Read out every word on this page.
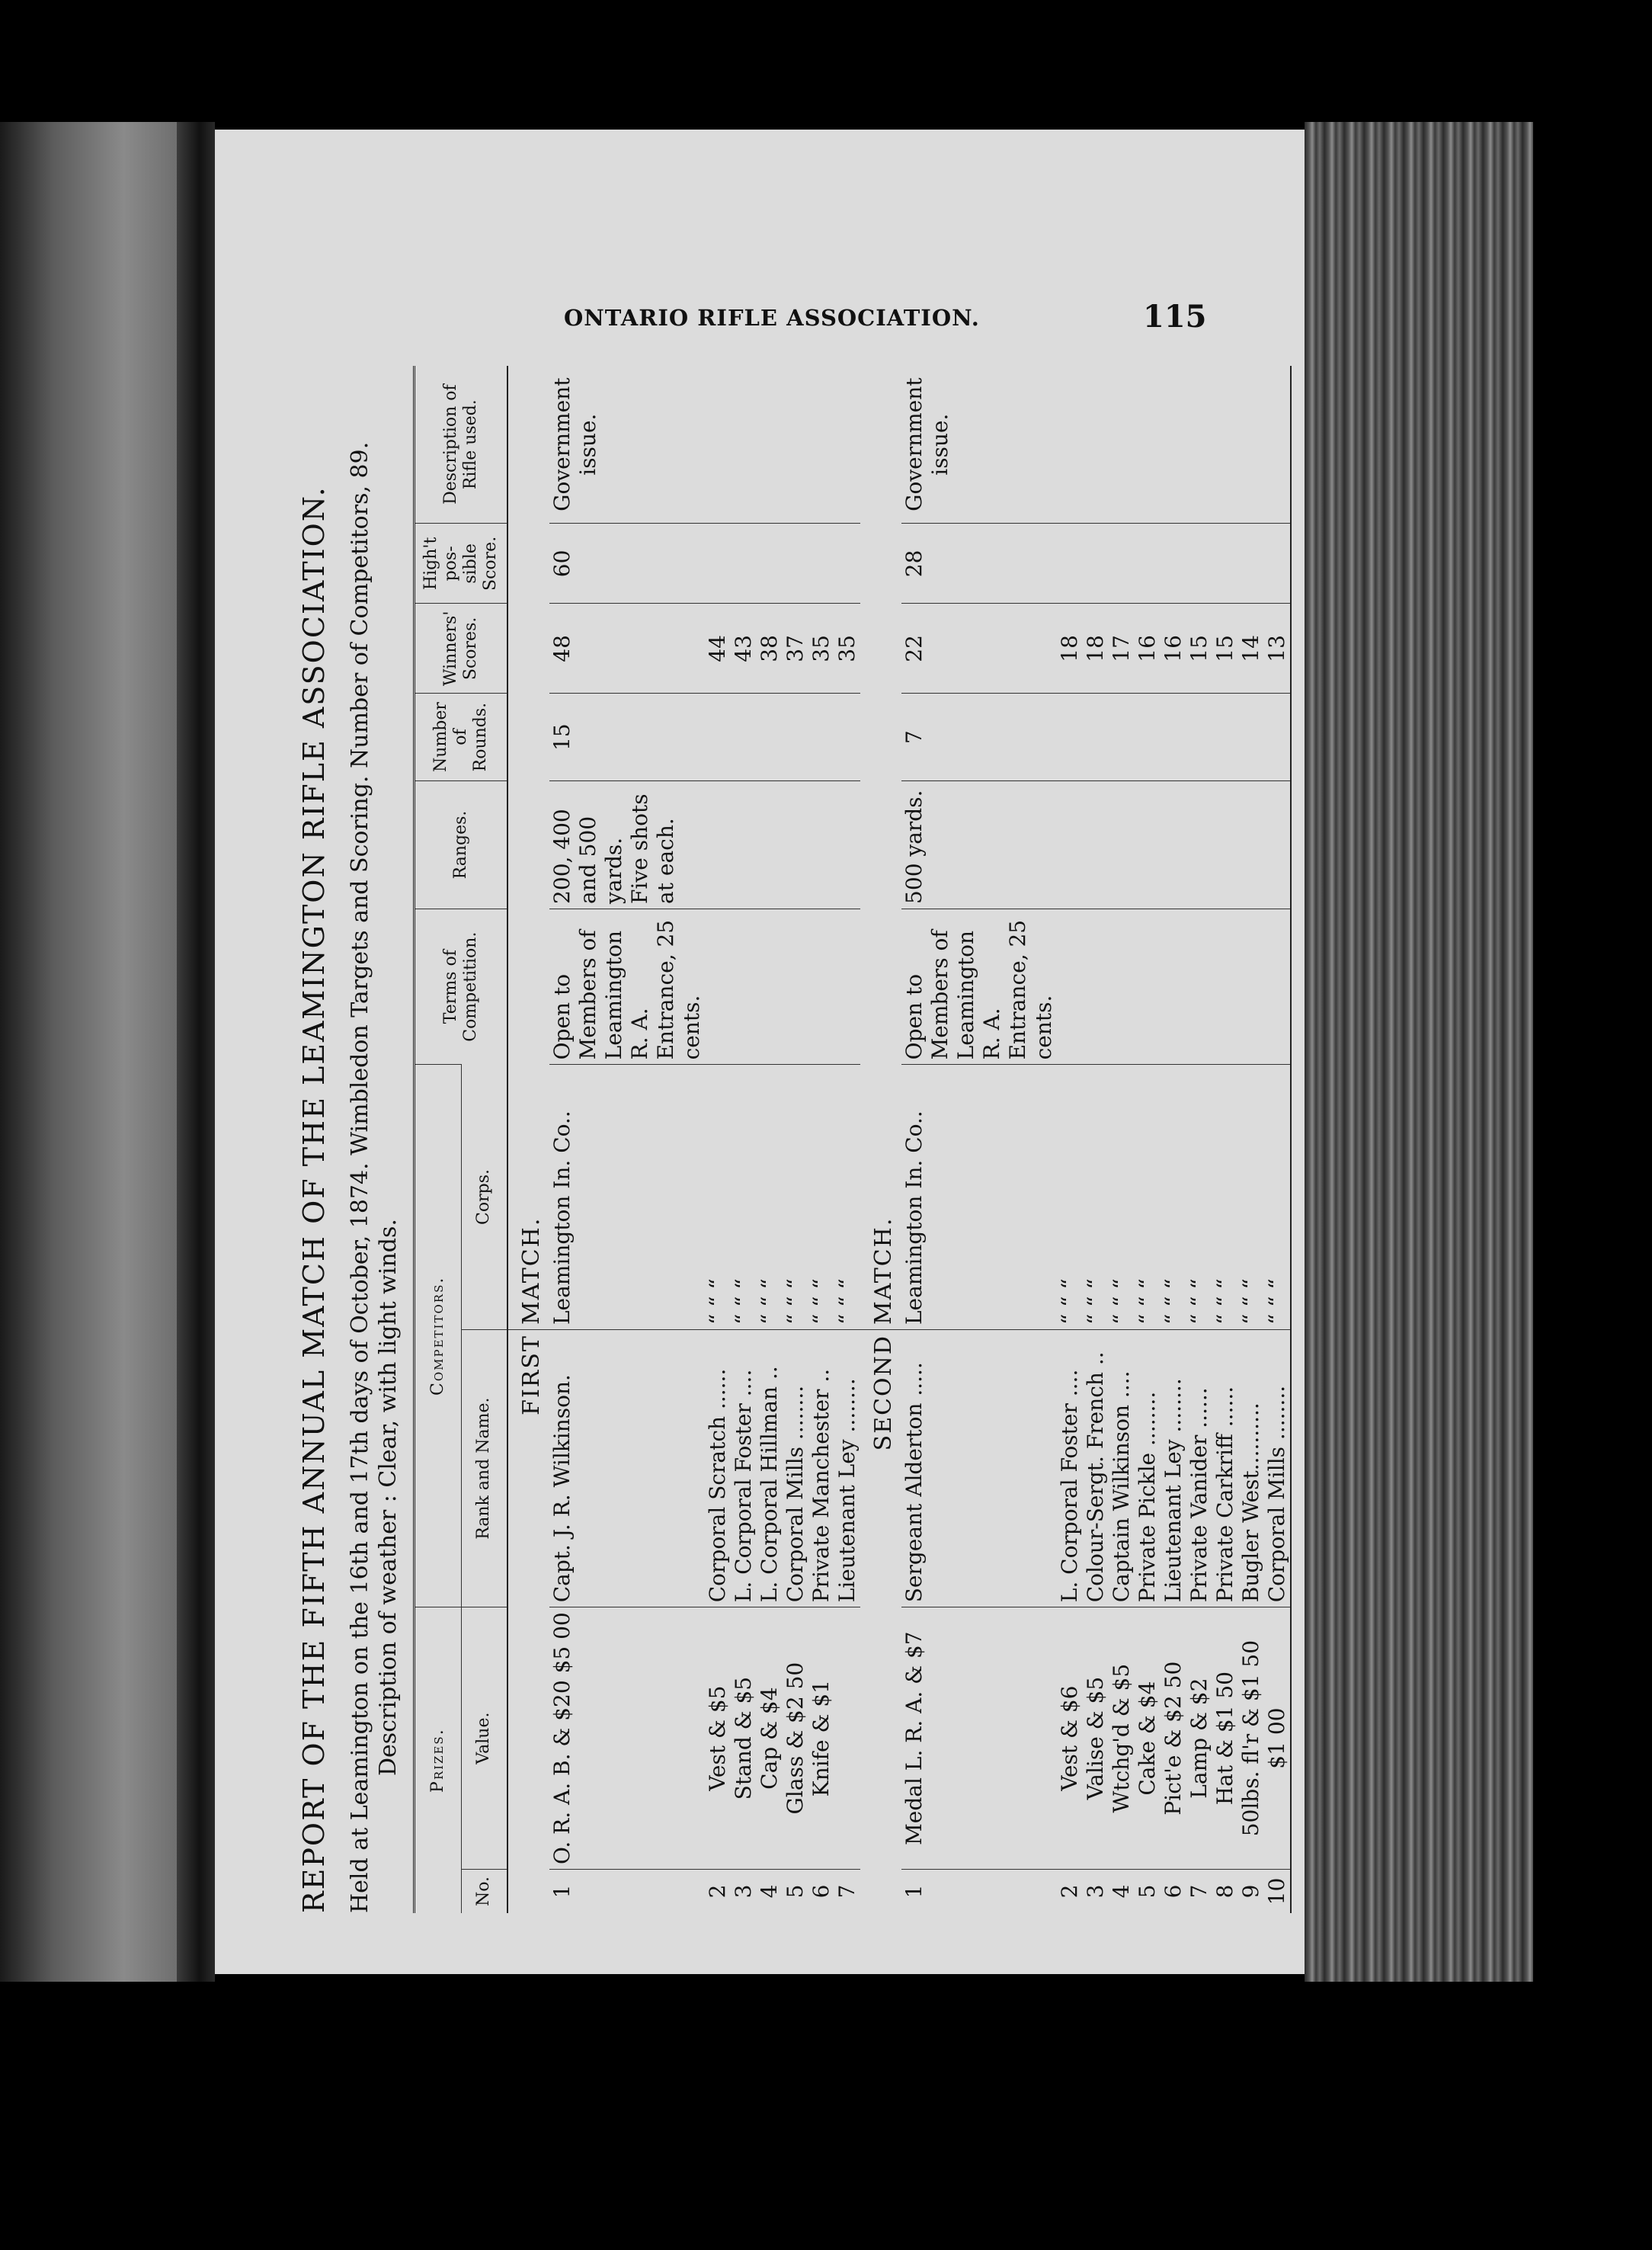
ONTARIO RIFLE ASSOCIATION.	115
REPORT OF THE FIFTH ANNUAL MATCH OF THE LEAMINGTON RIFLE ASSOCIATION. Held at Leamington on the 16th and 17th days of October, 1874. Wimbledon Targets and Scoring. Number of Competitors, 89. Description of weather : Clear, with light winds. Prizes.		Competitors.		Terms of Competition.	Ranges.	Number of Rounds.	Winners' Scores.	High't pos-sible Score.	Description of Rifle used.
No.	Value.	Rank and Name.	Corps.						
FIRST			MATCH.						
1	O. R. A. B. & $20 $5 00	Capt. J. R. Wilkinson.	Leamington In. Co..	Open to Members of Leamington R. A. Entrance, 25 cents.	200, 400 and 500 yards. Five shots at each.	15	48	60	Government issue.
2	Vest & $5	Corporal Scratch ......	“ “ “				44		
3	Stand & $5	L. Corporal Foster ....	“ “ “				43		
4	Cap & $4	L. Corporal Hillman ..	“ “ “				38		
5	Glass & $2 50	Corporal Mills ........	“ “ “				37		
6	Knife & $1	Private Manchester ..	“ “ “				35		
7		Lieutenant Ley ........	“ “ “				35		
SECOND			MATCH.						
1	Medal L. R. A. & $7	Sergeant Alderton .....	Leamington In. Co..	Open to Members of Leamington R. A. Entrance, 25 cents.	500 yards.	7	22	28	Government issue.
2	Vest & $6	L. Corporal Foster ....	“ “ “				18		
3	Valise & $5	Colour-Sergt. French ..	“ “ “				18		
4	Wtchg'd & $5	Captain Wilkinson ....	“ “ “				17		
5	Cake & $4	Private Pickle ........	“ “ “				16		
6	Pict'e & $2 50	Lieutenant Ley ........	“ “ “				16		
7	Lamp & $2	Private Vanider ......	“ “ “				15		
8	Hat & $1 50	Private Carkriff ......	“ “ “				15		
9	50lbs. fl'r & $1 50	Bugler West..........	“ “ “				14		
10	$1 00	Corporal Mills ........	“ “ “				13		
